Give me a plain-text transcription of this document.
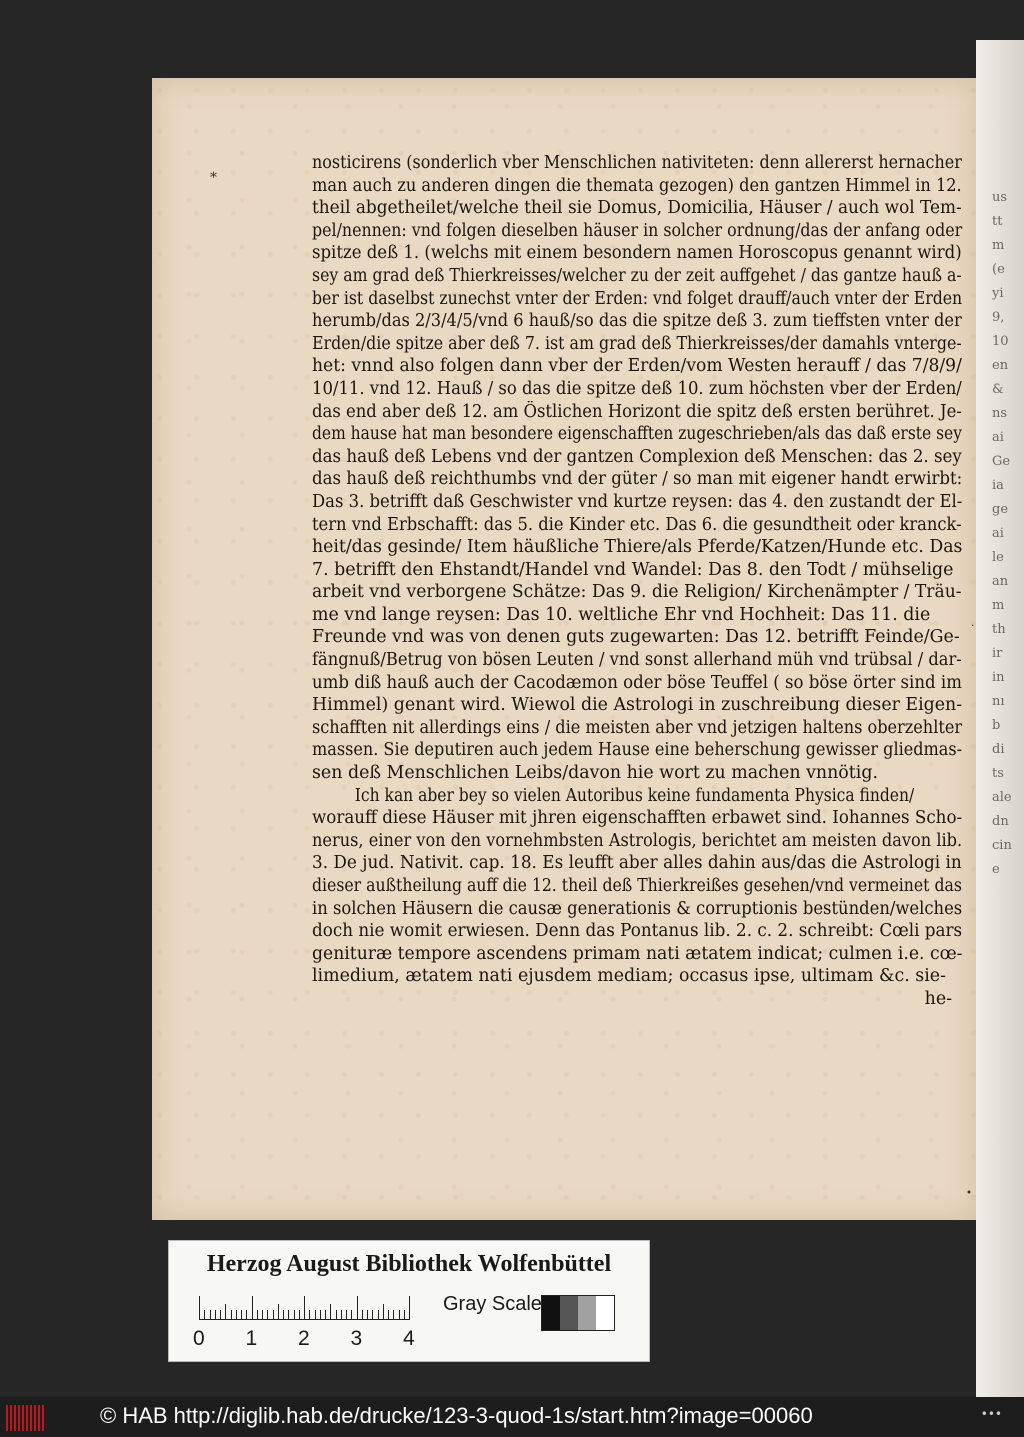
us
tt
m
(e
yi
9,
10
en
&
ns
ai
Ge
ia
ge
ai
le
an
m
th
ir
in
nı
b
di
ts
ale
dn
cin
e
*
•
.
nosticirens (sonderlich vber Menschlichen nativiteten: denn allererst hernacher
man auch zu anderen dingen die themata gezogen) den gantzen Himmel in 12.
theil abgetheilet/welche theil sie Domus, Domicilia, Häuser / auch wol Tem-
pel/nennen: vnd folgen dieselben häuser in solcher ordnung/das der anfang oder
spitze deß 1. (welchs mit einem besondern namen Horoscopus genannt wird)
sey am grad deß Thierkreisses/welcher zu der zeit auffgehet / das gantze hauß a-
ber ist daselbst zunechst vnter der Erden: vnd folget drauff/auch vnter der Erden
herumb/das 2/3/4/5/vnd 6 hauß/so das die spitze deß 3. zum tieffsten vnter der
Erden/die spitze aber deß 7. ist am grad deß Thierkreisses/der damahls vnterge-
het: vnnd also folgen dann vber der Erden/vom Westen herauff / das 7/8/9/
10/11. vnd 12. Hauß / so das die spitze deß 10. zum höchsten vber der Erden/
das end aber deß 12. am Östlichen Horizont die spitz deß ersten berühret. Je-
dem hause hat man besondere eigenschafften zugeschrieben/als das daß erste sey
das hauß deß Lebens vnd der gantzen Complexion deß Menschen: das 2. sey
das hauß deß reichthumbs vnd der güter / so man mit eigener handt erwirbt:
Das 3. betrifft daß Geschwister vnd kurtze reysen: das 4. den zustandt der El-
tern vnd Erbschafft: das 5. die Kinder etc. Das 6. die gesundtheit oder kranck-
heit/das gesinde/ Item häußliche Thiere/als Pferde/Katzen/Hunde etc. Das
7. betrifft den Ehstandt/Handel vnd Wandel: Das 8. den Todt / mühselige
arbeit vnd verborgene Schätze: Das 9. die Religion/ Kirchenämpter / Träu-
me vnd lange reysen: Das 10. weltliche Ehr vnd Hochheit: Das 11. die
Freunde vnd was von denen guts zugewarten: Das 12. betrifft Feinde/Ge-
fängnuß/Betrug von bösen Leuten / vnd sonst allerhand müh vnd trübsal / dar-
umb diß hauß auch der Cacodæmon oder böse Teuffel ( so böse örter sind im
Himmel) genant wird. Wiewol die Astrologi in zuschreibung dieser Eigen-
schafften nit allerdings eins / die meisten aber vnd jetzigen haltens oberzehlter
massen. Sie deputiren auch jedem Hause eine beherschung gewisser gliedmas-
sen deß Menschlichen Leibs/davon hie wort zu machen vnnötig.
Ich kan aber bey so vielen Autoribus keine fundamenta Physica finden/
worauff diese Häuser mit jhren eigenschafften erbawet sind. Iohannes Scho-
nerus, einer von den vornehmbsten Astrologis, berichtet am meisten davon lib.
3. De jud. Nativit. cap. 18. Es leufft aber alles dahin aus/das die Astrologi in
dieser außtheilung auff die 12. theil deß Thierkreißes gesehen/vnd vermeinet das
in solchen Häusern die causæ generationis & corruptionis bestünden/welches
doch nie womit erwiesen. Denn das Pontanus lib. 2. c. 2. schreibt: Cœli pars
genituræ tempore ascendens primam nati ætatem indicat; culmen i.e. cœ-
limedium, ætatem nati ejusdem mediam; occasus ipse, ultimam &c. sie-
he-
Herzog August Bibliothek Wolfenbüttel
0 1 2 3 4
Gray Scale
© HAB http://diglib.hab.de/drucke/123-3-quod-1s/start.htm?image=00060	•••
